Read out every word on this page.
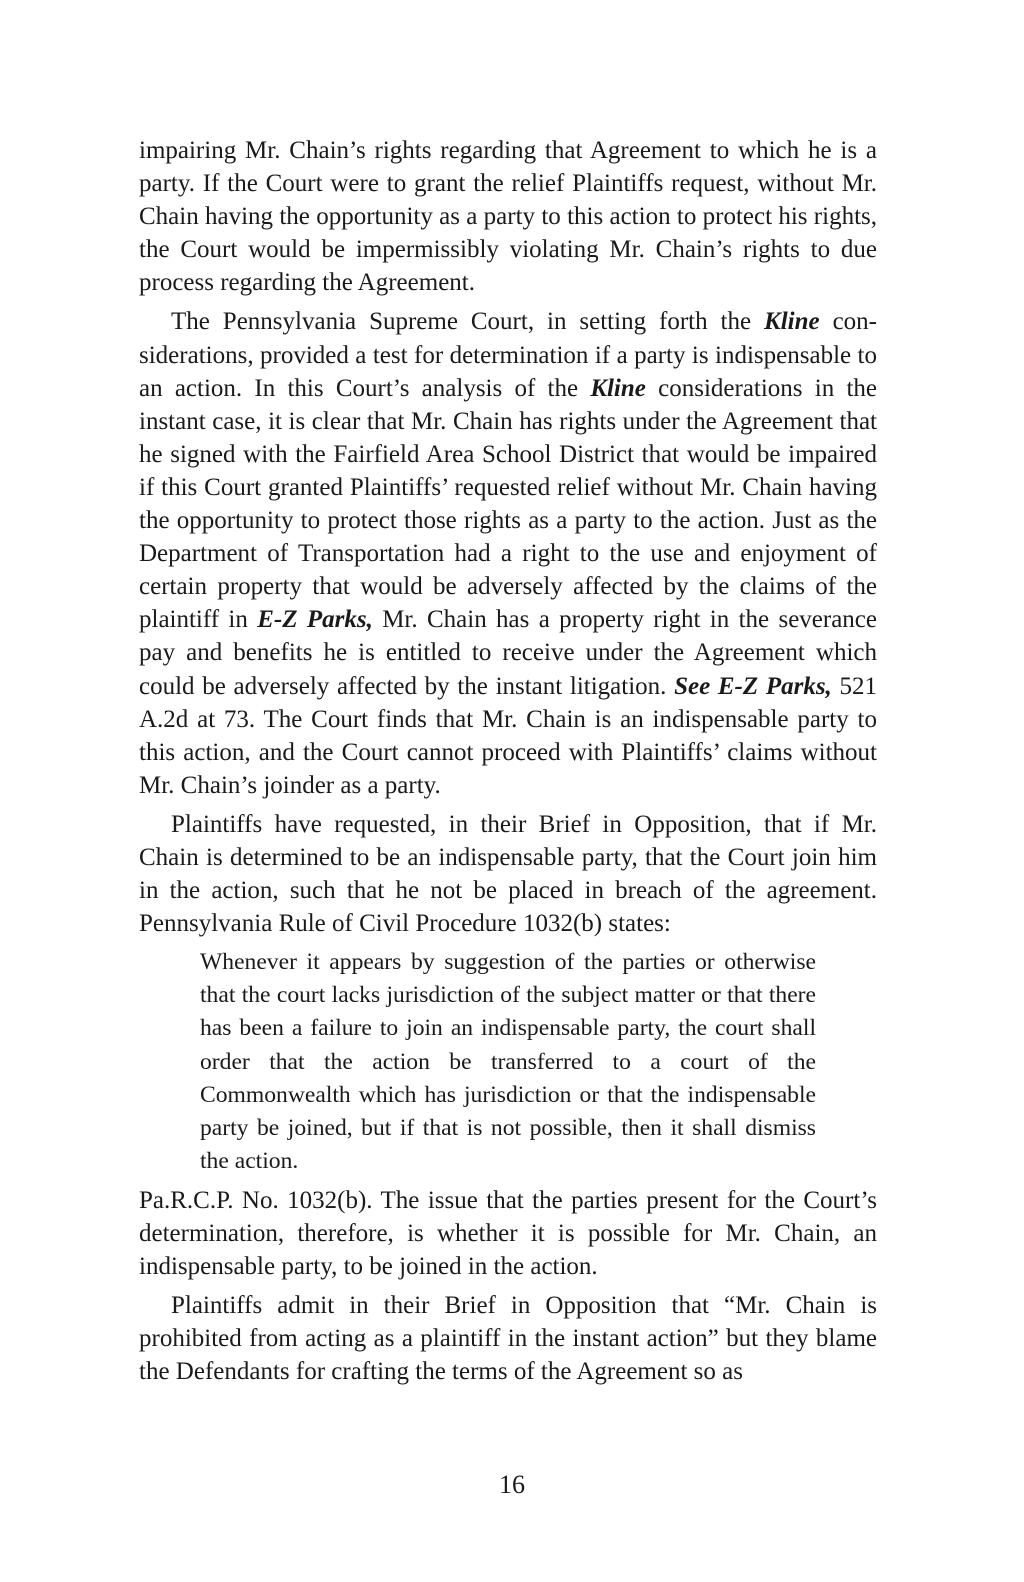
impairing Mr. Chain’s rights regarding that Agreement to which he is a party. If the Court were to grant the relief Plaintiffs request, without Mr. Chain having the opportunity as a party to this action to protect his rights, the Court would be impermissibly violating Mr. Chain’s rights to due process regarding the Agreement.

The Pennsylvania Supreme Court, in setting forth the Kline considerations, provided a test for determination if a party is indispensable to an action. In this Court’s analysis of the Kline considerations in the instant case, it is clear that Mr. Chain has rights under the Agreement that he signed with the Fairfield Area School District that would be impaired if this Court granted Plaintiffs’ requested relief without Mr. Chain having the opportunity to protect those rights as a party to the action. Just as the Department of Transportation had a right to the use and enjoyment of certain property that would be adversely affected by the claims of the plaintiff in E-Z Parks, Mr. Chain has a property right in the severance pay and benefits he is entitled to receive under the Agreement which could be adversely affected by the instant litigation. See E-Z Parks, 521 A.2d at 73. The Court finds that Mr. Chain is an indispensable party to this action, and the Court cannot proceed with Plaintiffs’ claims without Mr. Chain’s joinder as a party.

Plaintiffs have requested, in their Brief in Opposition, that if Mr. Chain is determined to be an indispensable party, that the Court join him in the action, such that he not be placed in breach of the agreement. Pennsylvania Rule of Civil Procedure 1032(b) states:

Whenever it appears by suggestion of the parties or otherwise that the court lacks jurisdiction of the subject matter or that there has been a failure to join an indispensable party, the court shall order that the action be transferred to a court of the Commonwealth which has jurisdiction or that the indispensable party be joined, but if that is not possible, then it shall dismiss the action.

Pa.R.C.P. No. 1032(b). The issue that the parties present for the Court’s determination, therefore, is whether it is possible for Mr. Chain, an indispensable party, to be joined in the action.

Plaintiffs admit in their Brief in Opposition that “Mr. Chain is prohibited from acting as a plaintiff in the instant action” but they blame the Defendants for crafting the terms of the Agreement so as

16
